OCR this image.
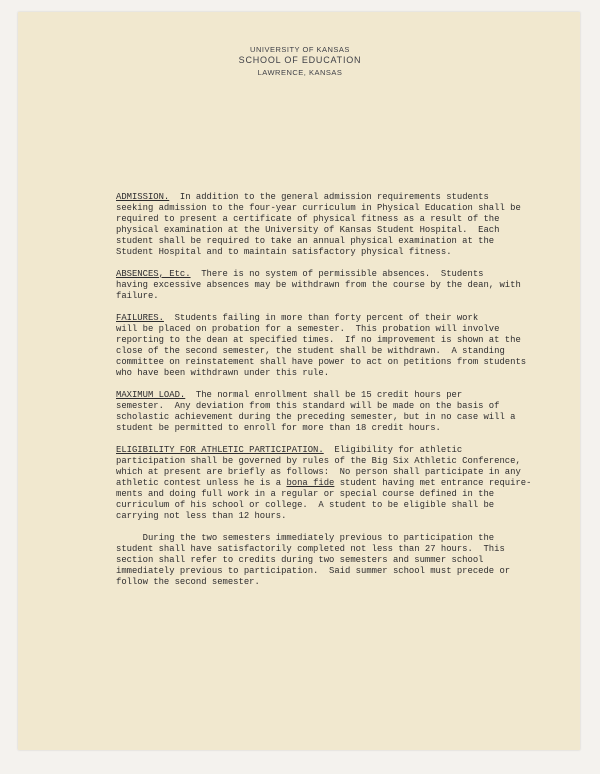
UNIVERSITY OF KANSAS
SCHOOL OF EDUCATION
LAWRENCE, KANSAS
ADMISSION.  In addition to the general admission requirements students
seeking admission to the four-year curriculum in Physical Education shall be
required to present a certificate of physical fitness as a result of the
physical examination at the University of Kansas Student Hospital.  Each
student shall be required to take an annual physical examination at the
Student Hospital and to maintain satisfactory physical fitness.
ABSENCES, Etc.  There is no system of permissible absences.  Students
having excessive absences may be withdrawn from the course by the dean, with
failure.
FAILURES.  Students failing in more than forty percent of their work
will be placed on probation for a semester.  This probation will involve
reporting to the dean at specified times.  If no improvement is shown at the
close of the second semester, the student shall be withdrawn.  A standing
committee on reinstatement shall have power to act on petitions from students
who have been withdrawn under this rule.
MAXIMUM LOAD.  The normal enrollment shall be 15 credit hours per
semester.  Any deviation from this standard will be made on the basis of
scholastic achievement during the preceding semester, but in no case will a
student be permitted to enroll for more than 18 credit hours.
ELIGIBILITY FOR ATHLETIC PARTICIPATION.  Eligibility for athletic
participation shall be governed by rules of the Big Six Athletic Conference,
which at present are briefly as follows:  No person shall participate in any
athletic contest unless he is a bona fide student having met entrance require-
ments and doing full work in a regular or special course defined in the
curriculum of his school or college.  A student to be eligible shall be
carrying not less than 12 hours.
During the two semesters immediately previous to participation the
student shall have satisfactorily completed not less than 27 hours.  This
section shall refer to credits during two semesters and summer school
immediately previous to participation.  Said summer school must precede or
follow the second semester.
